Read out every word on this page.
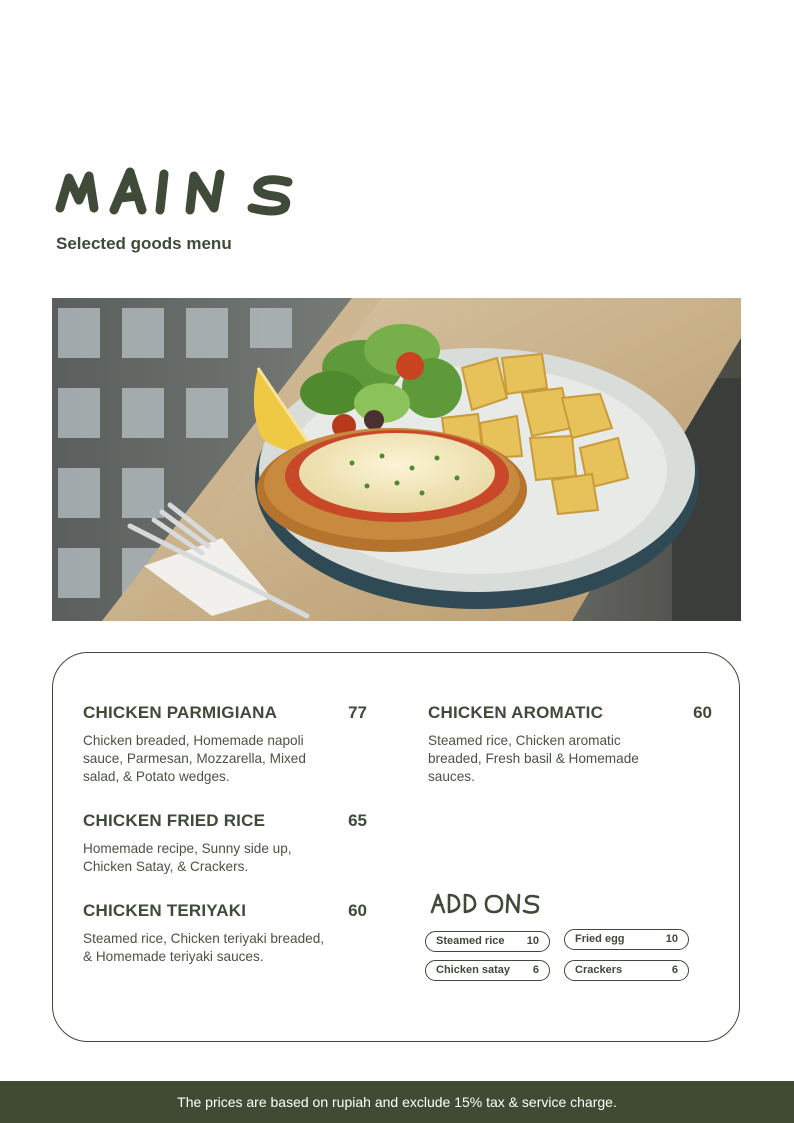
Selected goods menu
CHICKEN PARMIGIANA	77
Chicken breaded, Homemade napoli sauce, Parmesan, Mozzarella, Mixed salad, & Potato wedges.
CHICKEN FRIED RICE	65
Homemade recipe, Sunny side up, Chicken Satay, & Crackers.
CHICKEN TERIYAKI	60
Steamed rice, Chicken teriyaki breaded, & Homemade teriyaki sauces.
CHICKEN AROMATIC	60
Steamed rice, Chicken aromatic breaded, Fresh basil & Homemade sauces.
Steamed rice 10	Fried egg	10
Chicken satay 6	Crackers	6
The prices are based on rupiah and exclude 15% tax & service charge.
